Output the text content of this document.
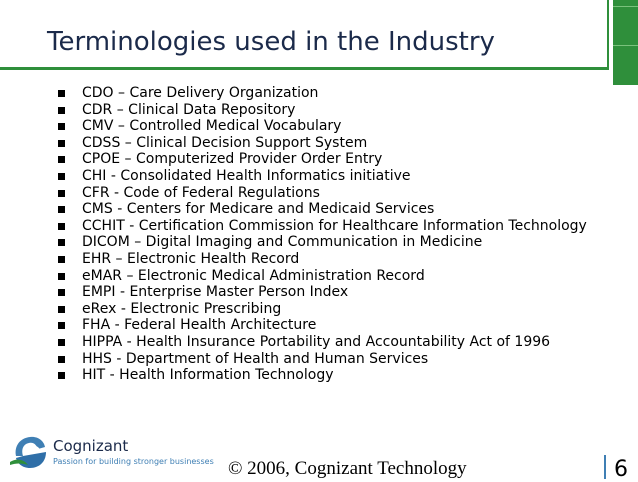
Terminologies used in the Industry
CDO – Care Delivery Organization
CDR – Clinical Data Repository
CMV – Controlled Medical Vocabulary
CDSS – Clinical Decision Support System
CPOE – Computerized Provider Order Entry
CHI - Consolidated Health Informatics initiative
CFR - Code of Federal Regulations
CMS - Centers for Medicare and Medicaid Services
CCHIT - Certification Commission for Healthcare Information Technology
DICOM – Digital Imaging and Communication in Medicine
EHR – Electronic Health Record
eMAR – Electronic Medical Administration Record
EMPI - Enterprise Master Person Index
eRex - Electronic Prescribing
FHA - Federal Health Architecture
HIPPA - Health Insurance Portability and Accountability Act of 1996
HHS - Department of Health and Human Services
HIT - Health Information Technology
Cognizant
Passion for building stronger businesses © 2006, Cognizant Technology	6
